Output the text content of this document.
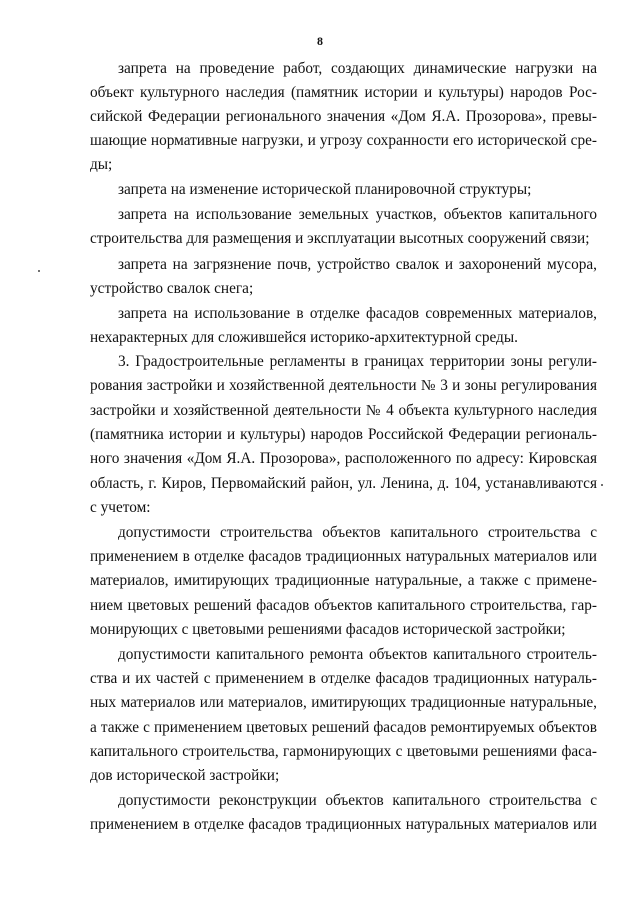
8
запрета на проведение работ, создающих динамические нагрузки на
объект культурного наследия (памятник истории и культуры) народов Рос-
сийской Федерации регионального значения «Дом Я.А. Прозорова», превы-
шающие нормативные нагрузки, и угрозу сохранности его исторической сре-
ды;
запрета на изменение исторической планировочной структуры;
запрета на использование земельных участков, объектов капитального
строительства для размещения и эксплуатации высотных сооружений связи;
запрета на загрязнение почв, устройство свалок и захоронений мусора,
устройство свалок снега;
запрета на использование в отделке фасадов современных материалов,
нехарактерных для сложившейся историко-архитектурной среды.
3. Градостроительные регламенты в границах территории зоны регули-
рования застройки и хозяйственной деятельности № 3 и зоны регулирования
застройки и хозяйственной деятельности № 4 объекта культурного наследия
(памятника истории и культуры) народов Российской Федерации региональ-
ного значения «Дом Я.А. Прозорова», расположенного по адресу: Кировская
область, г. Киров, Первомайский район, ул. Ленина, д. 104, устанавливаются
с учетом:
допустимости строительства объектов капитального строительства с
применением в отделке фасадов традиционных натуральных материалов или
материалов, имитирующих традиционные натуральные, а также с примене-
нием цветовых решений фасадов объектов капитального строительства, гар-
монирующих с цветовыми решениями фасадов исторической застройки;
допустимости капитального ремонта объектов капитального строитель-
ства и их частей с применением в отделке фасадов традиционных натураль-
ных материалов или материалов, имитирующих традиционные натуральные,
а также с применением цветовых решений фасадов ремонтируемых объектов
капитального строительства, гармонирующих с цветовыми решениями фаса-
дов исторической застройки;
допустимости реконструкции объектов капитального строительства с
применением в отделке фасадов традиционных натуральных материалов или
